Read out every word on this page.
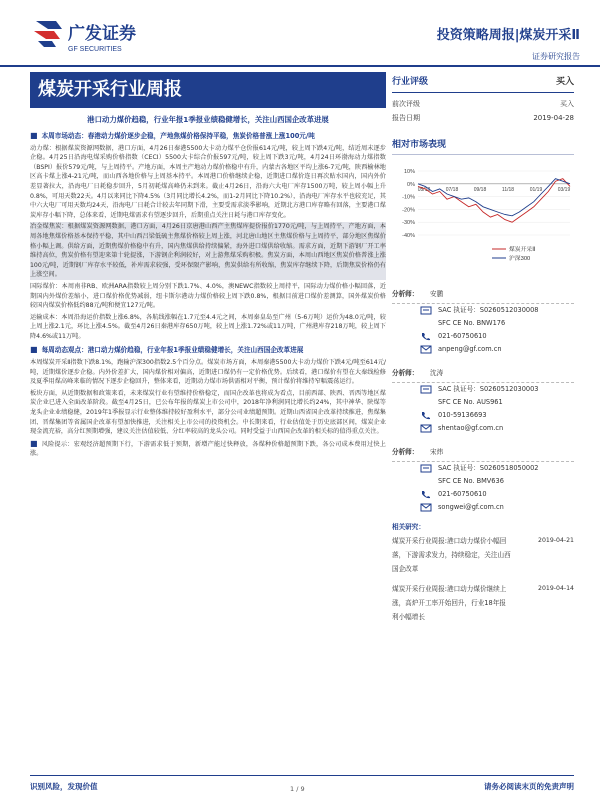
广发证券
GF SECURITIES
投资策略周报|煤炭开采Ⅱ
证券研究报告
煤炭开采行业周报
港口动力煤价趋稳，行业年报1季报业绩稳健增长，关注山西国企改革进展
■ 本周市场动态：春港动力煤价逐步企稳，产地焦煤价格保持平稳，焦炭价格普涨上涨100元/吨

动力煤：根据煤炭资源网数据，港口方面，4月26日秦港5500大卡动力煤平仓价报614元/吨，较上周下跌4元/吨，结近周末逐步企稳。4月25日沿海电煤采购价格指数（CECI）5500大卡综合价报597元/吨，较上周下跌3元/吨，4月24日环渤海动力煤指数（BSPI）报价579元/吨，与上周持平。产地方面，本周主产地动力煤价格稳中有升，内蒙古各地区平均上涨6-7元/吨，陕西榆林地区高卡煤上涨4-21元/吨，而山西各地价格与上周基本持平。本周港口价格继续企稳，近期进口煤价连日再次贴水国内，国内外价差显著拉大，沿海电厂日耗稳步回升，5月初耗煤高峰仍未到来。截止4月26日，沿海六大电厂库存1500万吨，较上周小幅上升0.8%，可用天数22天。4月以来同比下降4.5%（3月同比增长4.2%，而1-2月同比下降10.2%），沿海电厂库存水平也较充足，其中六大电厂可用天数均24天，沿海电厂日耗合计较去年同期下滑，主要受需求淡季影响，近期北方港口库存略有回落，主要港口煤炭库存小幅下降，总体来看，近期电煤需求有望逐步回升，后期重点关注日耗与港口库存变化。

冶金煤焦炭：根据煤炭资源网数据，港口方面，4月26日京唐港山西产主焦煤库提价报价1770元/吨，与上周持平，产地方面，本周各地焦煤价格基本保持平稳，其中山西吕梁低硫主焦煤价格较上周上涨，河北唐山地区主焦煤价格与上周持平，部分地区焦煤价格小幅上调。供给方面，近期焦煤价格稳中有升，国内焦煤供给持续偏紧，海外进口煤供给收缩。需求方面，近期下游钢厂开工率维持高位，焦炭价格有望迎来第十轮提涨，下游钢企利润较好，对上游焦煤采购积极。焦炭方面，本周山西地区焦炭价格普涨上涨100元/吨，近期钢厂库存水平较低，补库需求较强，受环保限产影响，焦炭供给有所收缩，焦炭库存继续下降，后期焦炭价格仍有上涨空间。

国际煤价：本周南非RB、欧洲ARA指数较上周分别下跌1.7%、4.0%，澳NEWC指数较上周持平，国际动力煤价格小幅回落，近期国内外煤价差缩小，进口煤价格优势减弱，纽卡斯尔港动力煤价格较上周下跌0.8%，根据目前进口煤价差测算，国外煤炭价格较国内煤炭价格低约88元/吨和便宜127元/吨。

运输成本：本周沿海运价指数上涨6.8%，各航线涨幅在1.7元至4.4元之间，本周秦皇岛至广州（5-6万吨）运价为48.0元/吨，较上周上涨2.1元，环比上涨4.5%。截至4月26日秦港库存650万吨，较上周上涨1.72%或11万吨，广州港库存218万吨，较上周下降4.6%或11万吨。

■ 每周动态观点：港口动力煤价趋稳，行业年报1季报业绩稳健增长，关注山西国企改革进展

本周煤炭开采Ⅱ指数下跌8.1%，跑输沪深300指数2.5个百分点。煤炭市场方面，本周秦港5500大卡动力煤价下跌4元/吨至614元/吨，近期煤价逐步企稳。内外价差扩大，国内煤价相对偏高，近期进口煤仍有一定价格优势。后续看，港口煤价有望在大秦线检修及夏季用煤高峰来临的情况下逐步企稳回升，整体来看，近期动力煤市场供需相对平衡，预计煤价将维持窄幅震荡运行。

板块方面，从近期数据和政策来看，未来煤炭行业有望维持价格稳定，而国企改革也将成为看点，目前西部、陕西、晋西等地区煤炭企业已进入全面改革阶段。截至4月25日，已公布年报的煤炭上市公司中，2018年净利润同比增长约24%，其中神华、陕煤等龙头企业业绩稳健，2019年1季报显示行业整体维持较好盈利水平，部分公司业绩超预期。近期山西省国企改革持续推进，焦煤集团、晋煤集团等省属国企改革有望加快推进，关注相关上市公司的投资机会。中长期来看，行业估值处于历史底部区间，煤炭企业现金流充裕，高分红预期增强，建议关注估值较低、分红率较高的龙头公司。同时受益于山西国企改革的相关标的值得重点关注。

■ 风险提示：宏观经济超预期下行，下游需求低于预期，新增产能过快释放，各煤种价格超预期下跌，各公司成本费用过快上涨。

行业评级	买入
前次评级	买入
报告日期	2019-04-28
相对市场表现
10%
0%
-10%
-20%
-30%
-40%
05/18	07/18	09/18	11/18	01/19	03/19
煤炭开采Ⅱ
沪深300
分析师：	安鹏
SAC 执证号：S0260512030008
SFC CE No. BNW176
021-60750610
anpeng@gf.com.cn
分析师：	沈涛
SAC 执证号：S0260512030003
SFC CE No. AUS961
010-59136693
shentao@gf.com.cn
分析师：	宋炜
SAC 执证号：S0260518050002
SFC CE No. BMV636
021-60750610
songwei@gf.com.cn
相关研究：
煤炭开采行业周报:港口动力煤价小幅回落，下游需求发力，持续稳定，关注山西国企改革
2019-04-21
煤炭开采行业周报:港口动力煤价继续上涨，高炉开工率开始回升，行业18年报利小幅增长
2019-04-14
识别风险，发现价值	1 / 9	请务必阅读末页的免责声明
